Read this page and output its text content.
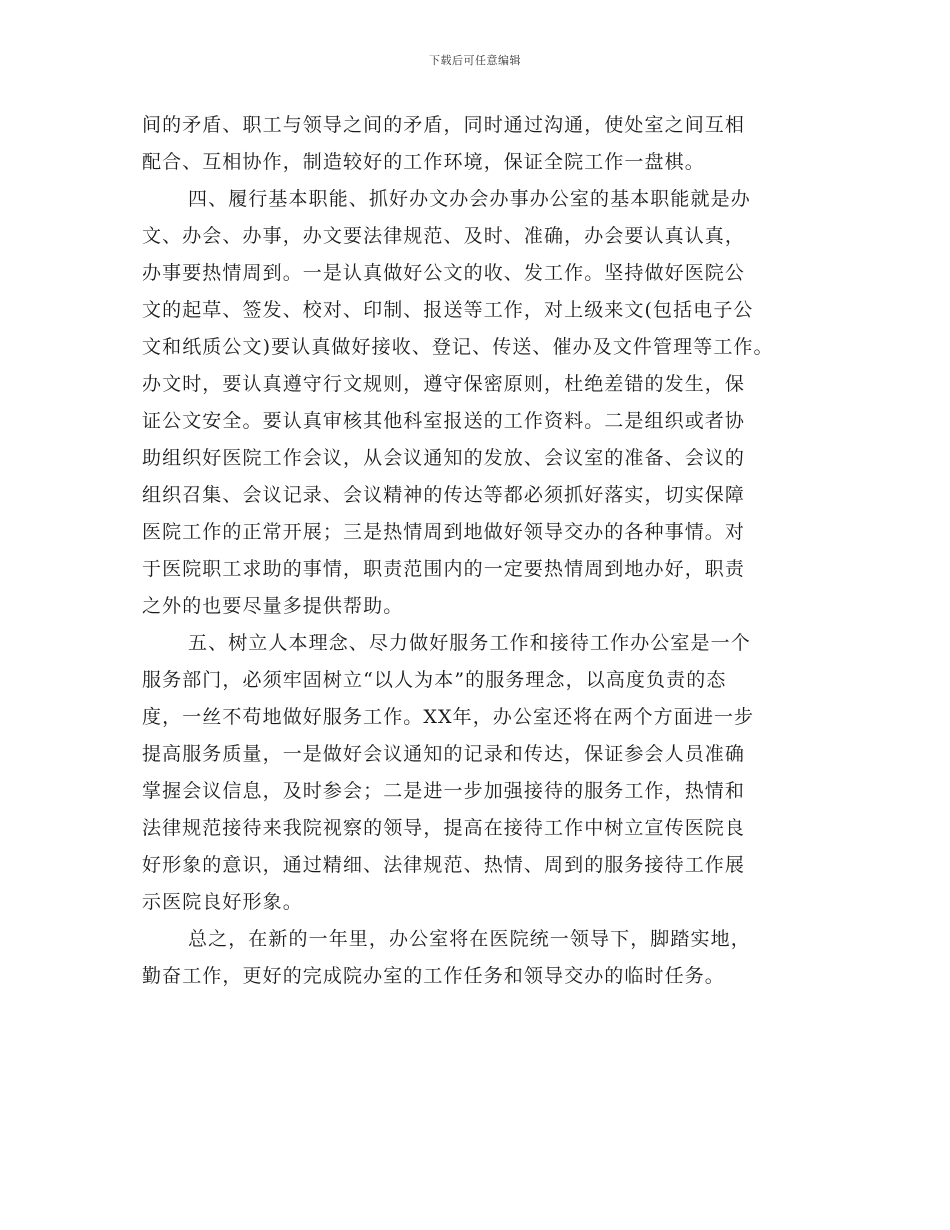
下载后可任意编辑
间的矛盾、职工与领导之间的矛盾，同时通过沟通，使处室之间互相
配合、互相协作，制造较好的工作环境，保证全院工作一盘棋。
四、履行基本职能、抓好办文办会办事办公室的基本职能就是办
文、办会、办事，办文要法律规范、及时、准确，办会要认真认真，
办事要热情周到。一是认真做好公文的收、发工作。坚持做好医院公
文的起草、签发、校对、印制、报送等工作，对上级来文(包括电子公
文和纸质公文)要认真做好接收、登记、传送、催办及文件管理等工作。
办文时，要认真遵守行文规则，遵守保密原则，杜绝差错的发生，保
证公文安全。要认真审核其他科室报送的工作资料。二是组织或者协
助组织好医院工作会议，从会议通知的发放、会议室的准备、会议的
组织召集、会议记录、会议精神的传达等都必须抓好落实，切实保障
医院工作的正常开展；三是热情周到地做好领导交办的各种事情。对
于医院职工求助的事情，职责范围内的一定要热情周到地办好，职责
之外的也要尽量多提供帮助。
五、树立人本理念、尽力做好服务工作和接待工作办公室是一个
服务部门，必须牢固树立“以人为本”的服务理念，以高度负责的态
度，一丝不苟地做好服务工作。XX年，办公室还将在两个方面进一步
提高服务质量，一是做好会议通知的记录和传达，保证参会人员准确
掌握会议信息，及时参会；二是进一步加强接待的服务工作，热情和
法律规范接待来我院视察的领导，提高在接待工作中树立宣传医院良
好形象的意识，通过精细、法律规范、热情、周到的服务接待工作展
示医院良好形象。
总之，在新的一年里，办公室将在医院统一领导下，脚踏实地，
勤奋工作，更好的完成院办室的工作任务和领导交办的临时任务。
